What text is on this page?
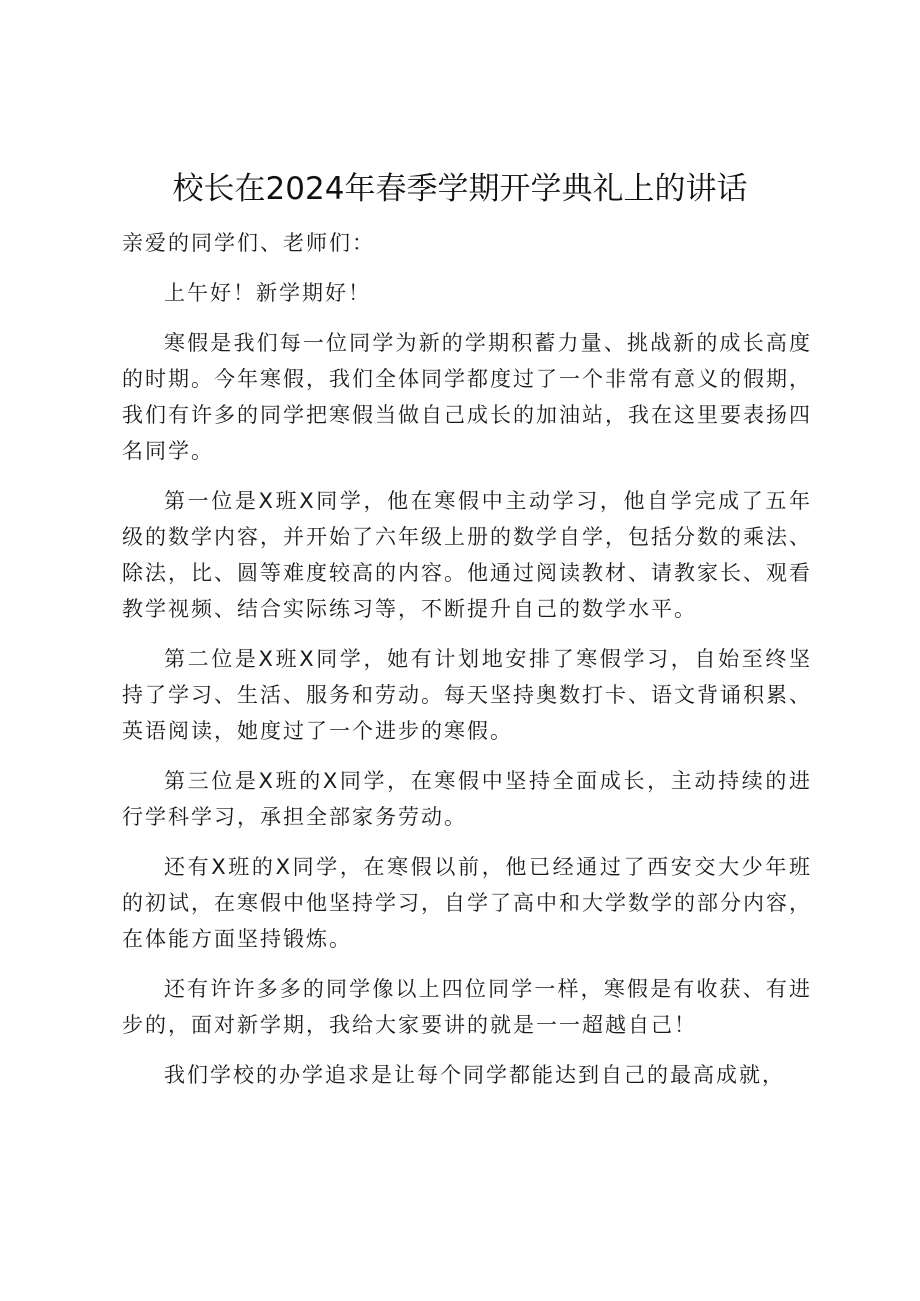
校长在2024年春季学期开学典礼上的讲话

亲爱的同学们、老师们：

上午好！新学期好！

寒假是我们每一位同学为新的学期积蓄力量、挑战新的成长高度的时期。今年寒假，我们全体同学都度过了一个非常有意义的假期，我们有许多的同学把寒假当做自己成长的加油站，我在这里要表扬四名同学。

第一位是X班X同学，他在寒假中主动学习，他自学完成了五年级的数学内容，并开始了六年级上册的数学自学，包括分数的乘法、除法，比、圆等难度较高的内容。他通过阅读教材、请教家长、观看教学视频、结合实际练习等，不断提升自己的数学水平。

第二位是X班X同学，她有计划地安排了寒假学习，自始至终坚持了学习、生活、服务和劳动。每天坚持奥数打卡、语文背诵积累、英语阅读，她度过了一个进步的寒假。

第三位是X班的X同学，在寒假中坚持全面成长，主动持续的进行学科学习，承担全部家务劳动。

还有X班的X同学，在寒假以前，他已经通过了西安交大少年班的初试，在寒假中他坚持学习，自学了高中和大学数学的部分内容，在体能方面坚持锻炼。

还有许许多多的同学像以上四位同学一样，寒假是有收获、有进步的，面对新学期，我给大家要讲的就是一一超越自己！

我们学校的办学追求是让每个同学都能达到自己的最高成就，
